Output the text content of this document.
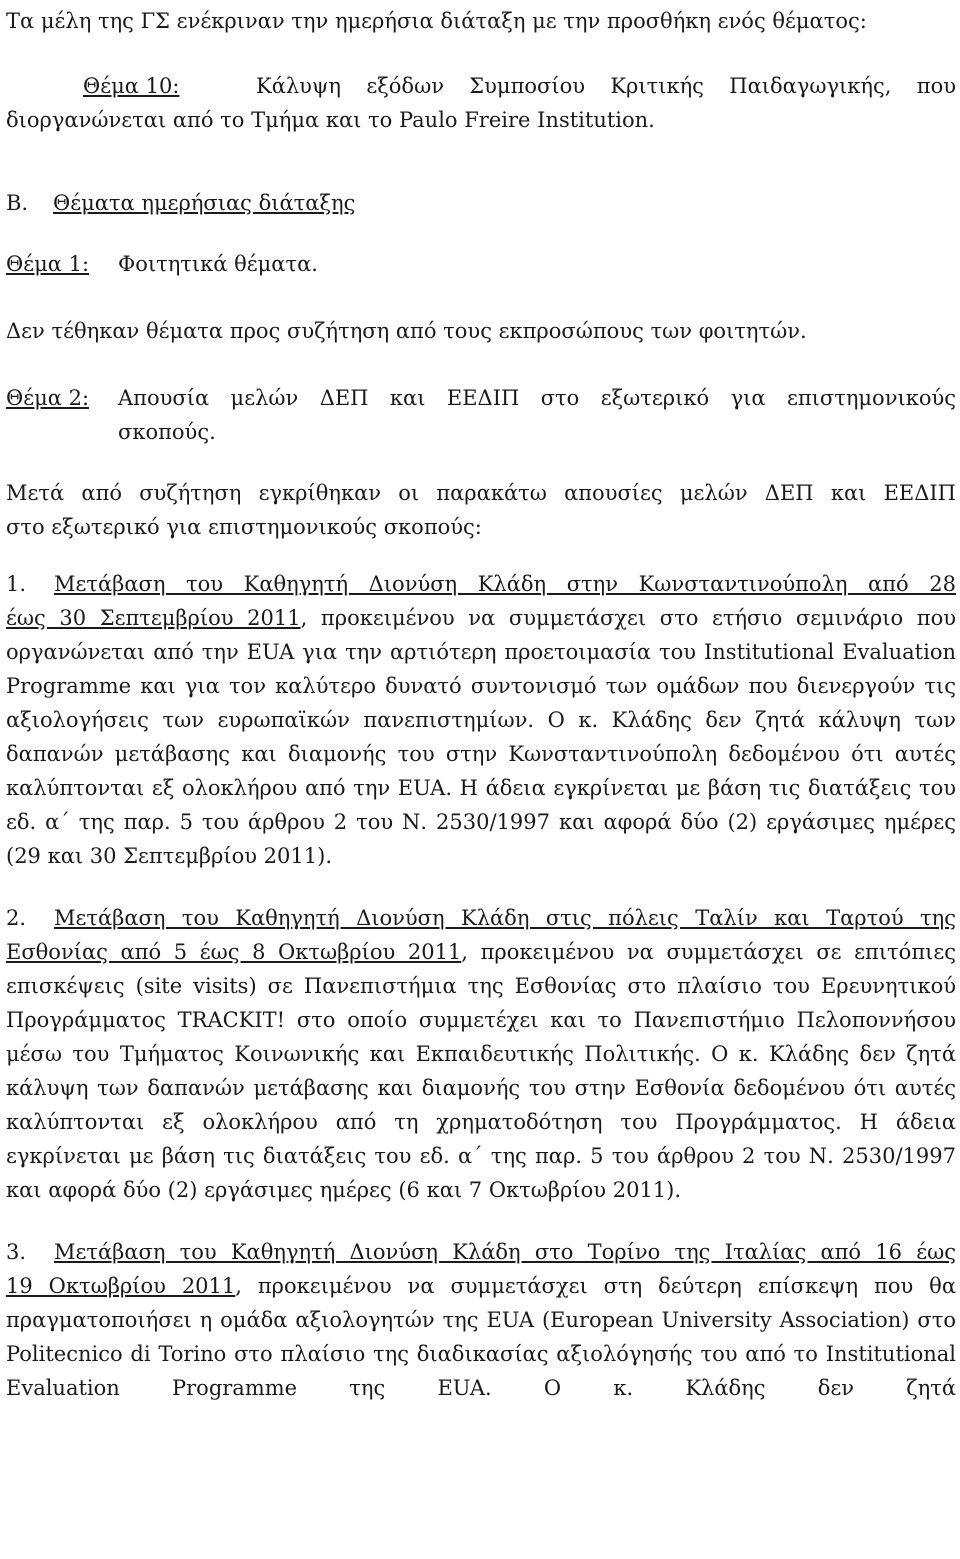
Τα μέλη της ΓΣ ενέκριναν την ημερήσια διάταξη με την προσθήκη ενός θέματος:

Θέμα 10:	Κάλυψη εξόδων Συμποσίου Κριτικής Παιδαγωγικής, που

διοργανώνεται από το Τμήμα και το Paulo Freire Institution.

Β. Θέματα ημερήσιας διάταξης

Θέμα 1:	Φοιτητικά θέματα.

Δεν τέθηκαν θέματα προς συζήτηση από τους εκπροσώπους των φοιτητών.

Θέμα 2:	Απουσία μελών ΔΕΠ και ΕΕΔΙΠ στο εξωτερικό για επιστημονικούς

σκοπούς.

Μετά από συζήτηση εγκρίθηκαν οι παρακάτω απουσίες μελών ΔΕΠ και ΕΕΔΙΠ

στο εξωτερικό για επιστημονικούς σκοπούς:

1. Μετάβαση του Καθηγητή Διονύση Κλάδη στην Κωνσταντινούπολη από 28

έως 30 Σεπτεμβρίου 2011, προκειμένου να συμμετάσχει στο ετήσιο σεμινάριο που οργανώνεται από την EUA για την αρτιότερη προετοιμασία του Institutional Evaluation Programme και για τον καλύτερο δυνατό συντονισμό των ομάδων που διενεργούν τις αξιολογήσεις των ευρωπαϊκών πανεπιστημίων. Ο κ. Κλάδης δεν ζητά κάλυψη των δαπανών μετάβασης και διαμονής του στην Κωνσταντινούπολη δεδομένου ότι αυτές καλύπτονται εξ ολοκλήρου από την EUA. Η άδεια εγκρίνεται με βάση τις διατάξεις του εδ. α΄ της παρ. 5 του άρθρου 2 του Ν. 2530/1997 και αφορά δύο (2) εργάσιμες ημέρες (29 και 30 Σεπτεμβρίου 2011).

2. Μετάβαση του Καθηγητή Διονύση Κλάδη στις πόλεις Ταλίν και Ταρτού της

Εσθονίας από 5 έως 8 Οκτωβρίου 2011, προκειμένου να συμμετάσχει σε επιτόπιες επισκέψεις (site visits) σε Πανεπιστήμια της Εσθονίας στο πλαίσιο του Ερευνητικού Προγράμματος TRACKIT! στο οποίο συμμετέχει και το Πανεπιστήμιο Πελοποννήσου μέσω του Τμήματος Κοινωνικής και Εκπαιδευτικής Πολιτικής. Ο κ. Κλάδης δεν ζητά κάλυψη των δαπανών μετάβασης και διαμονής του στην Εσθονία δεδομένου ότι αυτές καλύπτονται εξ ολοκλήρου από τη χρηματοδότηση του Προγράμματος. Η άδεια εγκρίνεται με βάση τις διατάξεις του εδ. α΄ της παρ. 5 του άρθρου 2 του Ν. 2530/1997 και αφορά δύο (2) εργάσιμες ημέρες (6 και 7 Οκτωβρίου 2011).

3. Μετάβαση του Καθηγητή Διονύση Κλάδη στο Τορίνο της Ιταλίας από 16 έως

19 Οκτωβρίου 2011, προκειμένου να συμμετάσχει στη δεύτερη επίσκεψη που θα πραγματοποιήσει η ομάδα αξιολογητών της EUA (European University Association) στο Politecnico di Torino στο πλαίσιο της διαδικασίας αξιολόγησής του από το Institutional Evaluation Programme της EUA. Ο κ. Κλάδης δεν ζητά
